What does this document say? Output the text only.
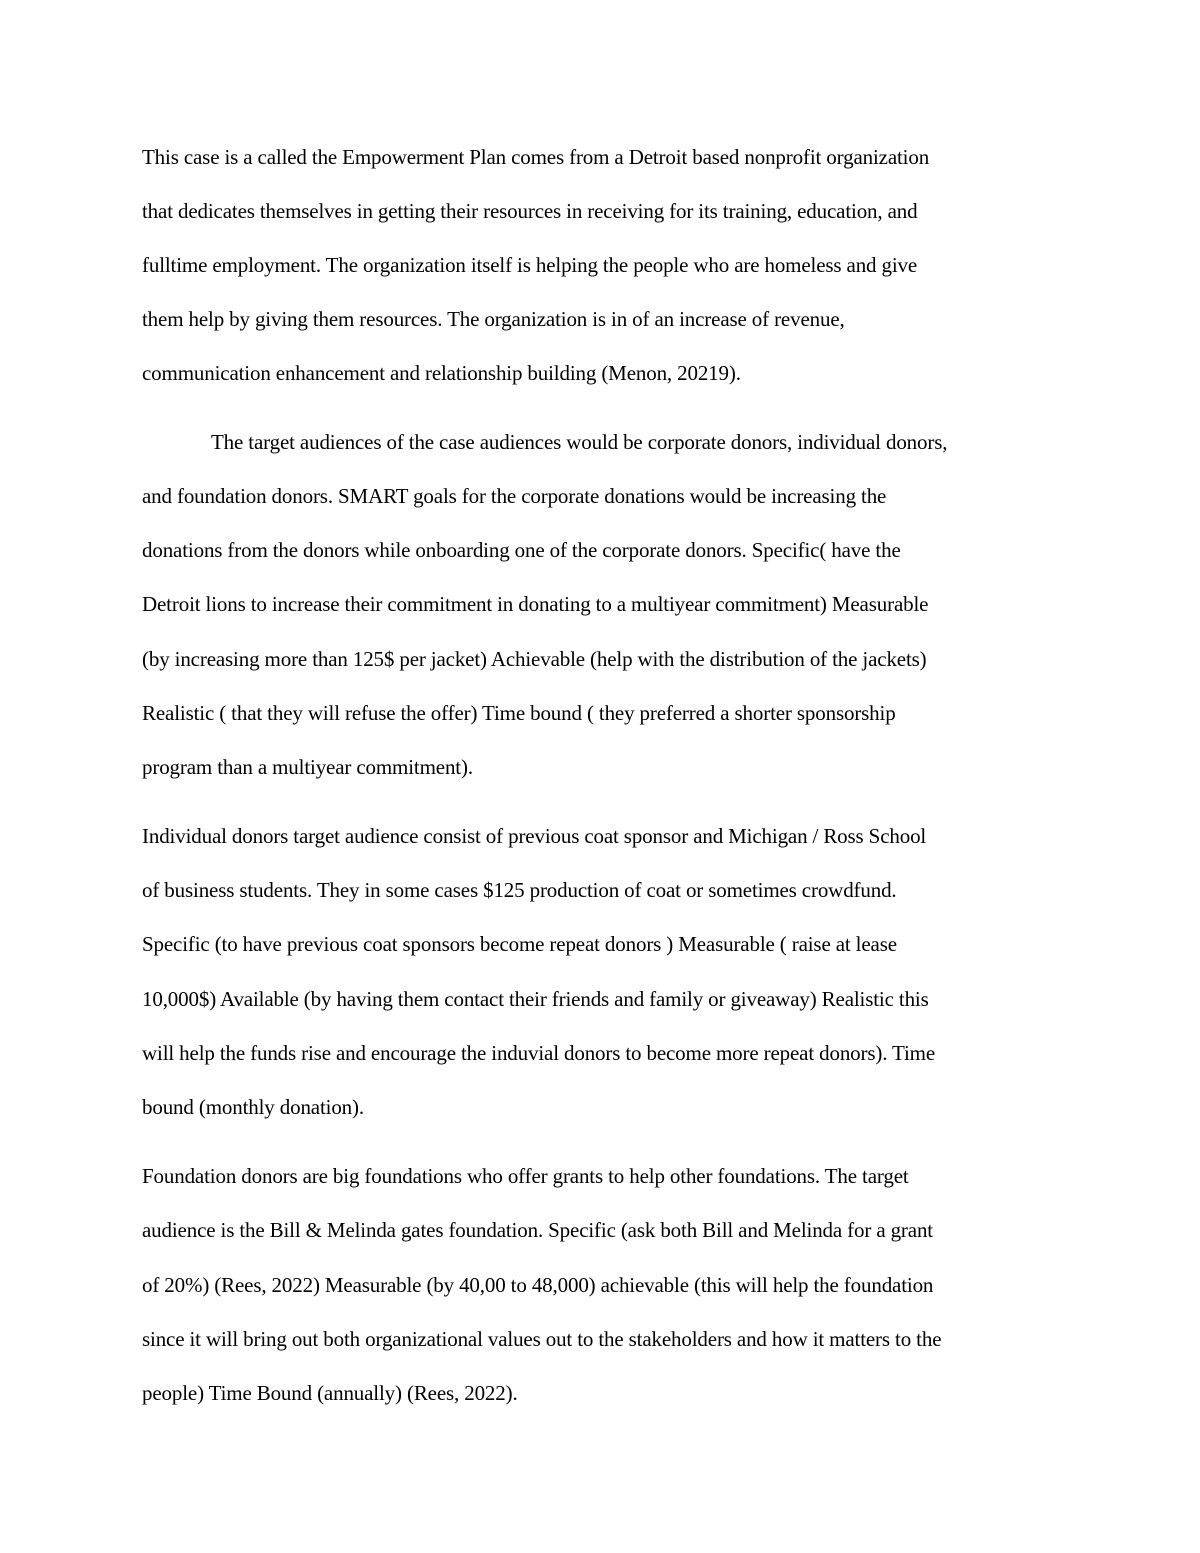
This case is a called the Empowerment Plan comes from a Detroit based nonprofit organization
that dedicates themselves in getting their resources in receiving for its training, education, and
fulltime employment. The organization itself is helping the people who are homeless and give
them help by giving them resources. The organization is in of an increase of revenue,
communication enhancement and relationship building (Menon, 20219).
The target audiences of the case audiences would be corporate donors, individual donors,
and foundation donors. SMART goals for the corporate donations would be increasing the
donations from the donors while onboarding one of the corporate donors. Specific( have the
Detroit lions to increase their commitment in donating to a multiyear commitment) Measurable
(by increasing more than 125$ per jacket) Achievable (help with the distribution of the jackets)
Realistic ( that they will refuse the offer) Time bound ( they preferred a shorter sponsorship
program than a multiyear commitment).
Individual donors target audience consist of previous coat sponsor and Michigan / Ross School
of business students. They in some cases $125 production of coat or sometimes crowdfund.
Specific (to have previous coat sponsors become repeat donors ) Measurable ( raise at lease
10,000$) Available (by having them contact their friends and family or giveaway) Realistic this
will help the funds rise and encourage the induvial donors to become more repeat donors). Time
bound (monthly donation).
Foundation donors are big foundations who offer grants to help other foundations. The target
audience is the Bill & Melinda gates foundation. Specific (ask both Bill and Melinda for a grant
of 20%) (Rees, 2022) Measurable (by 40,00 to 48,000) achievable (this will help the foundation
since it will bring out both organizational values out to the stakeholders and how it matters to the
people) Time Bound (annually) (Rees, 2022).
